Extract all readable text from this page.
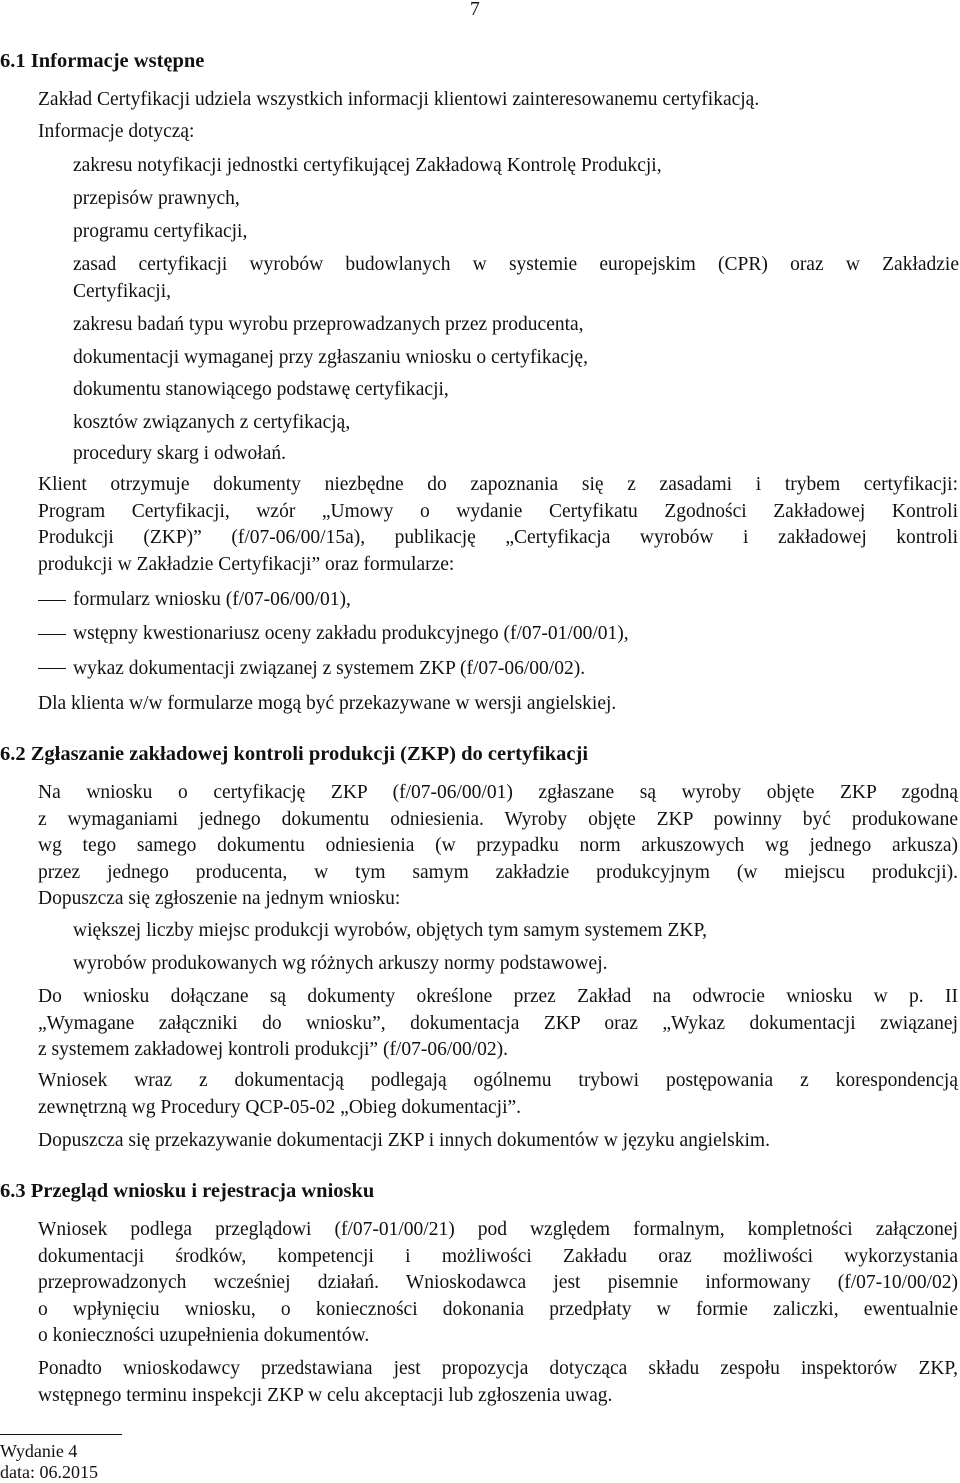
7
6.1 Informacje wstępne
Zakład Certyfikacji udziela wszystkich informacji klientowi zainteresowanemu certyfikacją.
Informacje dotyczą:
zakresu notyfikacji jednostki certyfikującej Zakładową Kontrolę Produkcji,
przepisów prawnych,
programu certyfikacji,
zasad certyfikacji wyrobów budowlanych w systemie europejskim (CPR) oraz w Zakładzie
Certyfikacji,
zakresu badań typu wyrobu przeprowadzanych przez producenta,
dokumentacji wymaganej przy zgłaszaniu wniosku o certyfikację,
dokumentu stanowiącego podstawę certyfikacji,
kosztów związanych z certyfikacją,
procedury skarg i odwołań.
Klient otrzymuje dokumenty niezbędne do zapoznania się z zasadami i trybem certyfikacji:
Program Certyfikacji, wzór „Umowy o wydanie Certyfikatu Zgodności Zakładowej Kontroli
Produkcji (ZKP)” (f/07-06/00/15a), publikację „Certyfikacja wyrobów i zakładowej kontroli
produkcji w Zakładzie Certyfikacji” oraz formularze:
formularz wniosku (f/07-06/00/01),
wstępny kwestionariusz oceny zakładu produkcyjnego (f/07-01/00/01),
wykaz dokumentacji związanej z systemem ZKP (f/07-06/00/02).
Dla klienta w/w formularze mogą być przekazywane w wersji angielskiej.
6.2 Zgłaszanie zakładowej kontroli produkcji (ZKP) do certyfikacji
Na wniosku o certyfikację ZKP (f/07-06/00/01) zgłaszane są wyroby objęte ZKP zgodną
z wymaganiami jednego dokumentu odniesienia. Wyroby objęte ZKP powinny być produkowane
wg tego samego dokumentu odniesienia (w przypadku norm arkuszowych wg jednego arkusza)
przez jednego producenta, w tym samym zakładzie produkcyjnym (w miejscu produkcji).
Dopuszcza się zgłoszenie na jednym wniosku:
większej liczby miejsc produkcji wyrobów, objętych tym samym systemem ZKP,
wyrobów produkowanych wg różnych arkuszy normy podstawowej.
Do wniosku dołączane są dokumenty określone przez Zakład na odwrocie wniosku w p. II
„Wymagane załączniki do wniosku”, dokumentacja ZKP oraz „Wykaz dokumentacji związanej
z systemem zakładowej kontroli produkcji” (f/07-06/00/02).
Wniosek wraz z dokumentacją podlegają ogólnemu trybowi postępowania z korespondencją
zewnętrzną wg Procedury QCP-05-02 „Obieg dokumentacji”.
Dopuszcza się przekazywanie dokumentacji ZKP i innych dokumentów w języku angielskim.
6.3 Przegląd wniosku i rejestracja wniosku
Wniosek podlega przeglądowi (f/07-01/00/21) pod względem formalnym, kompletności załączonej
dokumentacji środków, kompetencji i możliwości Zakładu oraz możliwości wykorzystania
przeprowadzonych wcześniej działań. Wnioskodawca jest pisemnie informowany (f/07-10/00/02)
o wpłynięciu wniosku, o konieczności dokonania przedpłaty w formie zaliczki, ewentualnie
o konieczności uzupełnienia dokumentów.
Ponadto wnioskodawcy przedstawiana jest propozycja dotycząca składu zespołu inspektorów ZKP,
wstępnego terminu inspekcji ZKP w celu akceptacji lub zgłoszenia uwag.
Wydanie 4
data: 06.2015
